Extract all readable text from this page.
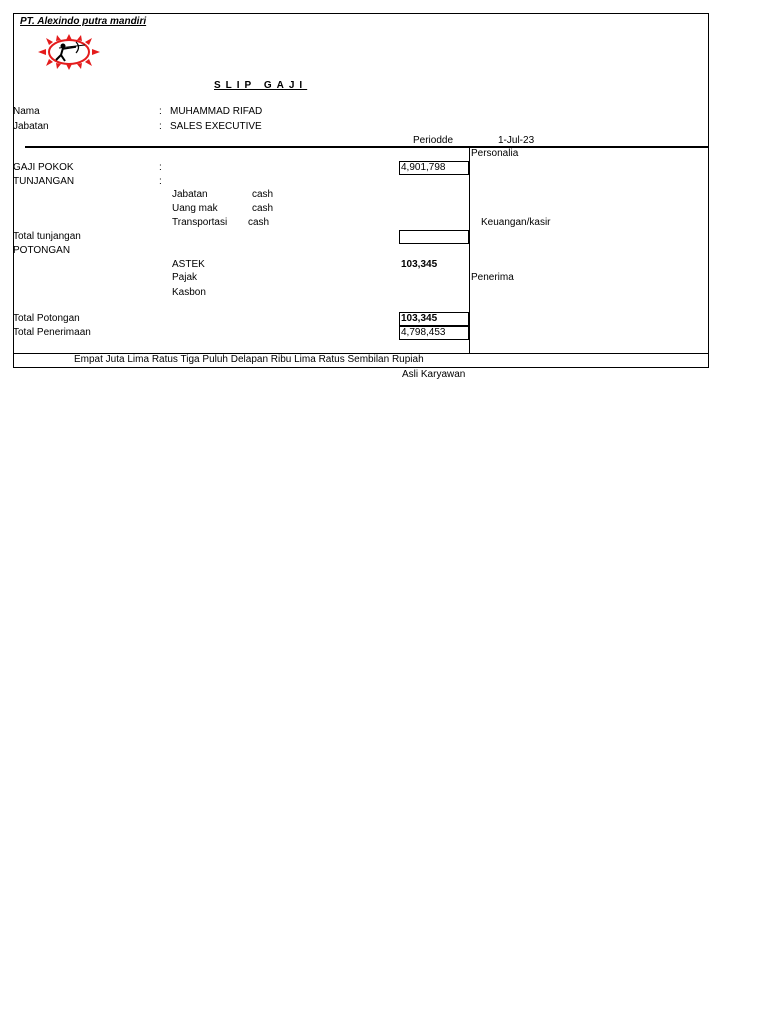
PT. Alexindo putra mandiri
SLIP GAJI
Nama	: MUHAMMAD RIFAD
Jabatan	: SALES EXECUTIVE
Periodde	1-Jul-23
GAJI POKOK	:	4,901,798
TUNJANGAN	:
Jabatan	cash
Uang mak	cash
Transportasi cash
Total tunjangan
POTONGAN
ASTEK	103,345
Pajak
Kasbon
Total Potongan	103,345
Total Penerimaan	4,798,453
Personalia
Keuangan/kasir
Penerima
Empat Juta Lima Ratus Tiga Puluh Delapan Ribu Lima Ratus Sembilan Rupiah
Asli Karyawan
